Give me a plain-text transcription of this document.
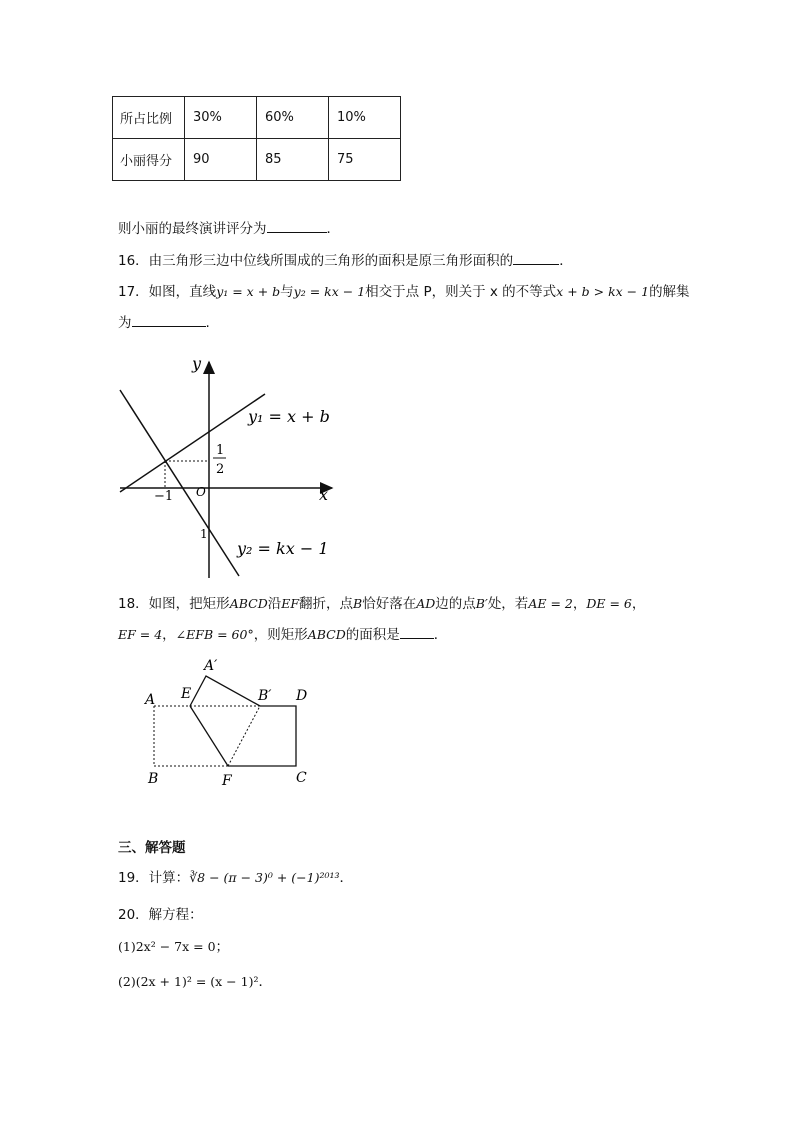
所占比例	30%	60%	10%
小丽得分	90	85	75
则小丽的最终演讲评分为	．
16．由三角形三边中位线所围成的三角形的面积是原三角形面积的	．
17．如图，直线y₁ = x + b与y₂ = kx − 1相交于点 P，则关于 x 的不等式x + b > kx − 1的解集
为	.
y
x
O
y₁ = x + b
y₂ = kx − 1
1
2
−1
1
18．如图，把矩形ABCD沿EF翻折，点B恰好落在AD边的点B′处，若AE = 2，DE = 6，
EF = 4，∠EFB = 60°，则矩形ABCD的面积是	．
A
A′
E	B′ D
B	F	C
三、解答题
19．计算：∛8 − (π − 3)⁰ + (−1)²⁰¹³．
20．解方程：
(1)2x² − 7x = 0；
(2)(2x + 1)² = (x − 1)²．
